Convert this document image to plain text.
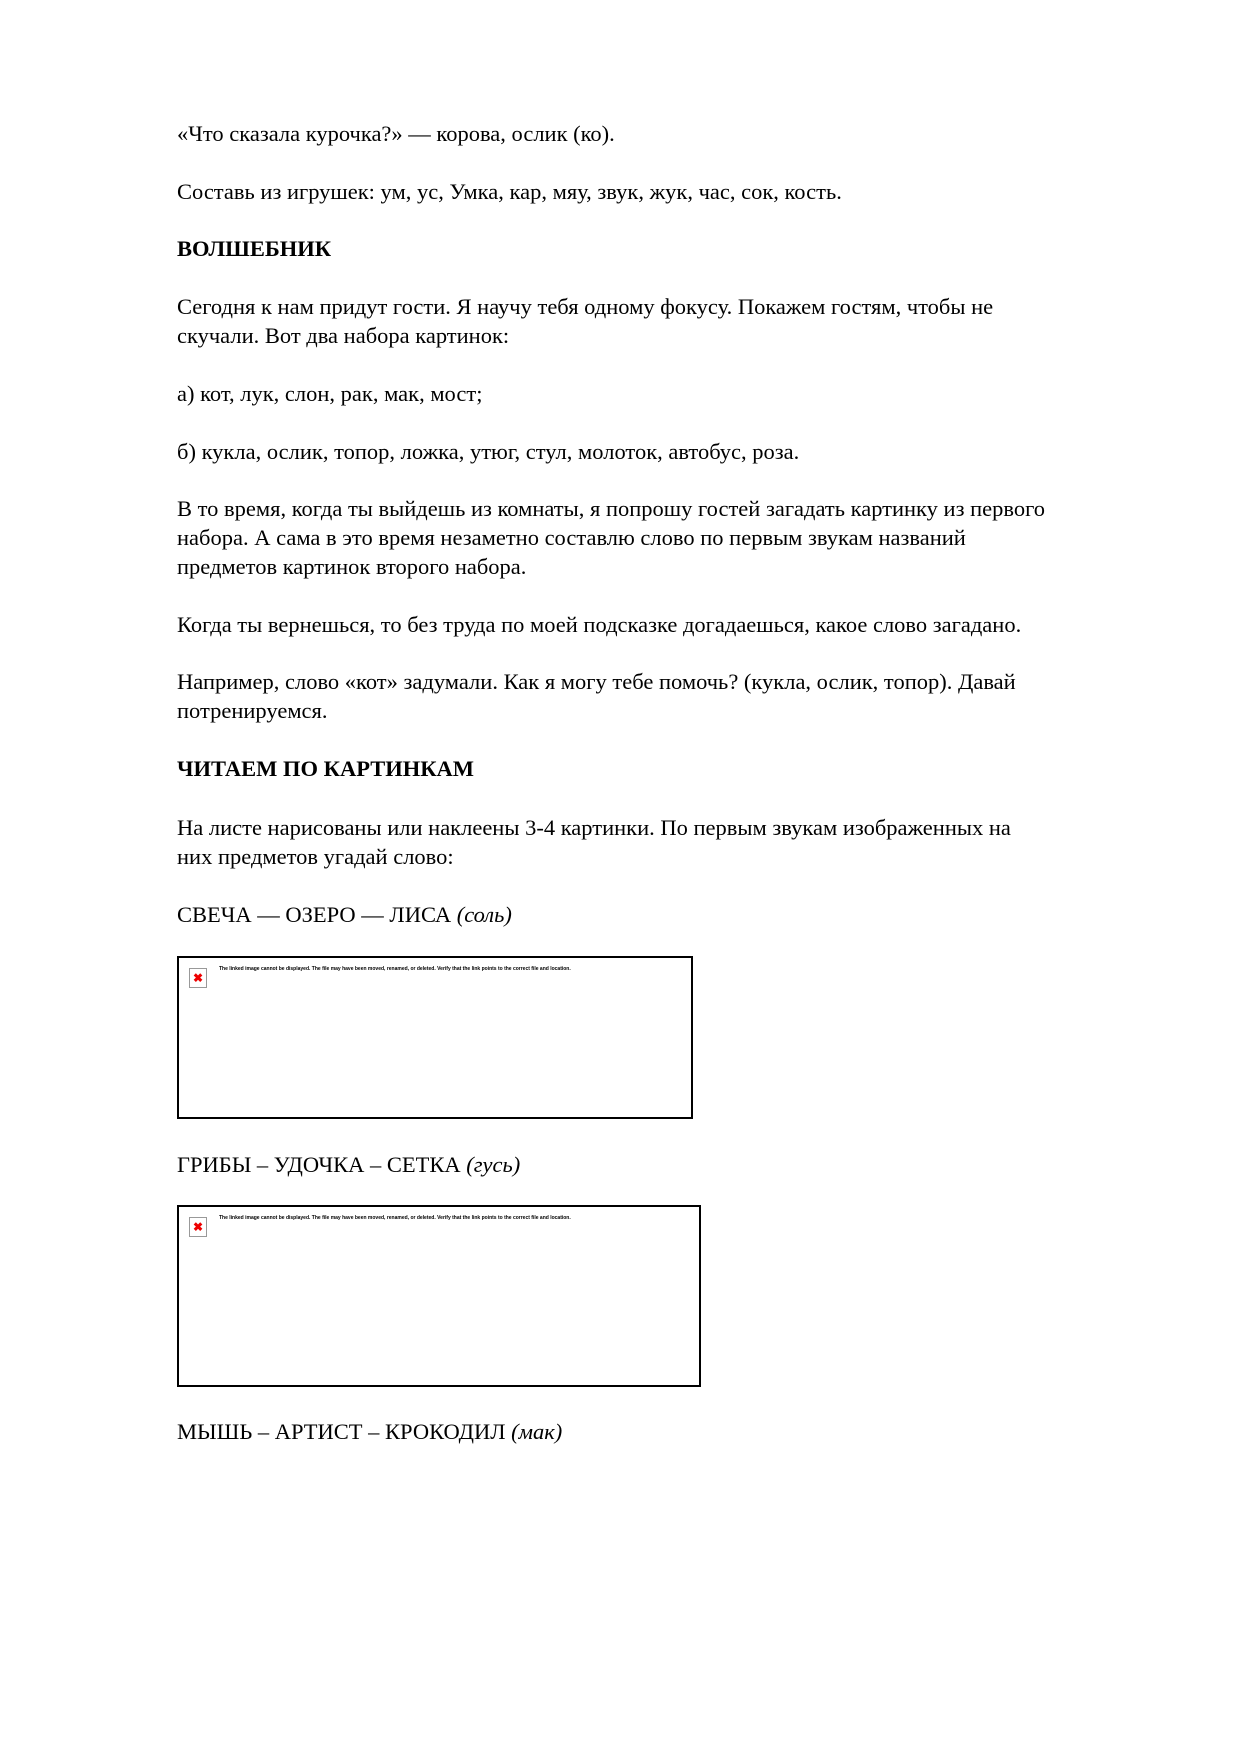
«Что сказала курочка?» — корова, ослик (ко).
Составь из игрушек: ум, ус, Умка, кар, мяу, звук, жук, час, сок, кость.
ВОЛШЕБНИК
Сегодня к нам придут гости. Я научу тебя одному фокусу. Покажем гостям, чтобы не
скучали. Вот два набора картинок:
а) кот, лук, слон, рак, мак, мост;
б) кукла, ослик, топор, ложка, утюг, стул, молоток, автобус, роза.
В то время, когда ты выйдешь из комнаты, я попрошу гостей загадать картинку из первого
набора. А сама в это время незаметно составлю слово по первым звукам названий
предметов картинок второго набора.
Когда ты вернешься, то без труда по моей подсказке догадаешься, какое слово загадано.
Например, слово «кот» задумали. Как я могу тебе помочь? (кукла, ослик, топор). Давай
потренируемся.
ЧИТАЕМ ПО КАРТИНКАМ
На листе нарисованы или наклеены 3-4 картинки. По первым звукам изображенных на
них предметов угадай слово:
СВЕЧА — ОЗЕРО — ЛИСА (соль)
✖
The linked image cannot be displayed. The file may have been moved, renamed, or deleted. Verify that the link points to the correct file and location.
ГРИБЫ – УДОЧКА – СЕТКА (гусь)
✖
The linked image cannot be displayed. The file may have been moved, renamed, or deleted. Verify that the link points to the correct file and location.
МЫШЬ – АРТИСТ – КРОКОДИЛ (мак)
